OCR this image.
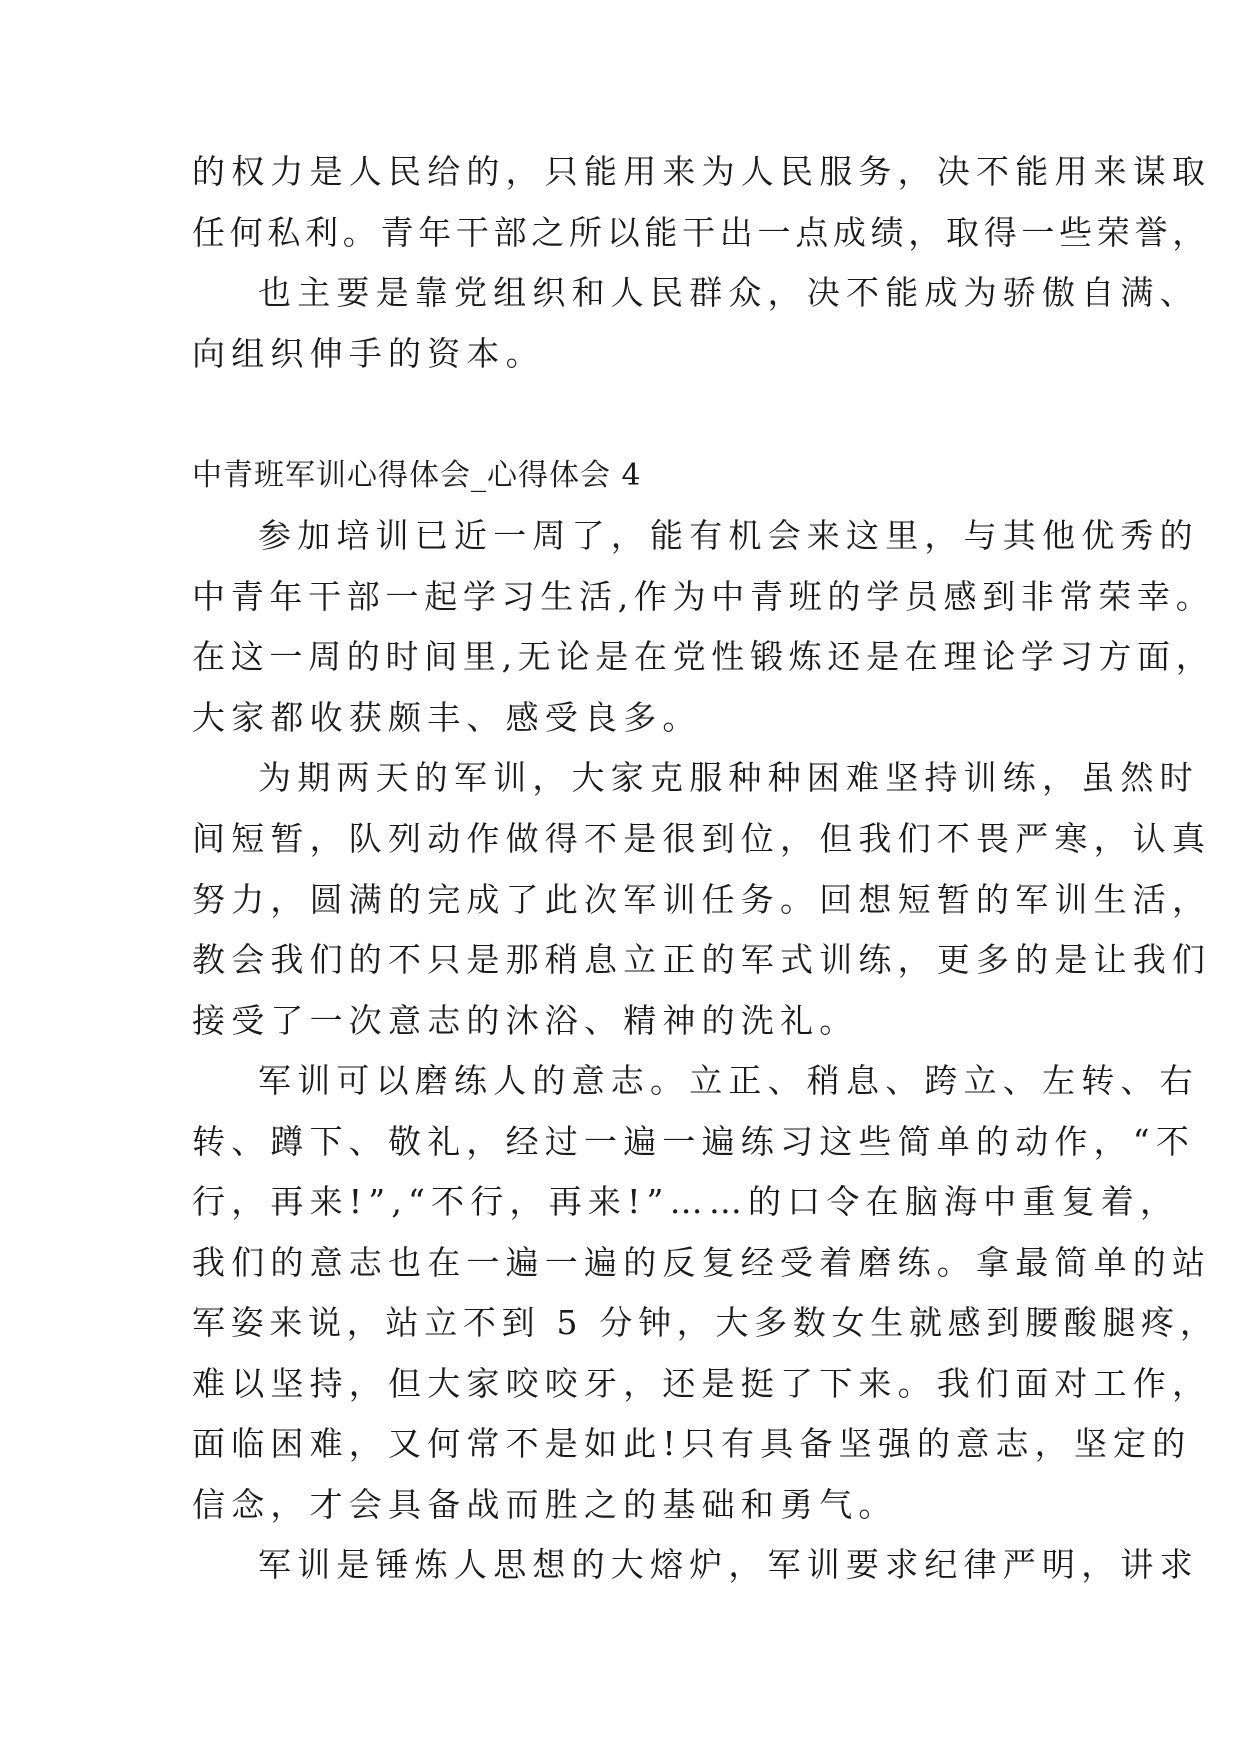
的权力是人民给的，只能用来为人民服务，决不能用来谋取
任何私利。青年干部之所以能干出一点成绩，取得一些荣誉，
也主要是靠党组织和人民群众，决不能成为骄傲自满、
向组织伸手的资本。
中青班军训心得体会_心得体会 4
参加培训已近一周了，能有机会来这里，与其他优秀的
中青年干部一起学习生活,作为中青班的学员感到非常荣幸。
在这一周的时间里,无论是在党性锻炼还是在理论学习方面，
大家都收获颇丰、感受良多。
为期两天的军训，大家克服种种困难坚持训练，虽然时
间短暂，队列动作做得不是很到位，但我们不畏严寒，认真
努力，圆满的完成了此次军训任务。回想短暂的军训生活，
教会我们的不只是那稍息立正的军式训练，更多的是让我们
接受了一次意志的沐浴、精神的洗礼。
军训可以磨练人的意志。立正、稍息、跨立、左转、右
转、蹲下、敬礼，经过一遍一遍练习这些简单的动作，“不
行，再来!”,“不行，再来!”……的口令在脑海中重复着，
我们的意志也在一遍一遍的反复经受着磨练。拿最简单的站
军姿来说，站立不到 5 分钟，大多数女生就感到腰酸腿疼，
难以坚持，但大家咬咬牙，还是挺了下来。我们面对工作，
面临困难，又何常不是如此!只有具备坚强的意志，坚定的
信念，才会具备战而胜之的基础和勇气。
军训是锤炼人思想的大熔炉，军训要求纪律严明，讲求
